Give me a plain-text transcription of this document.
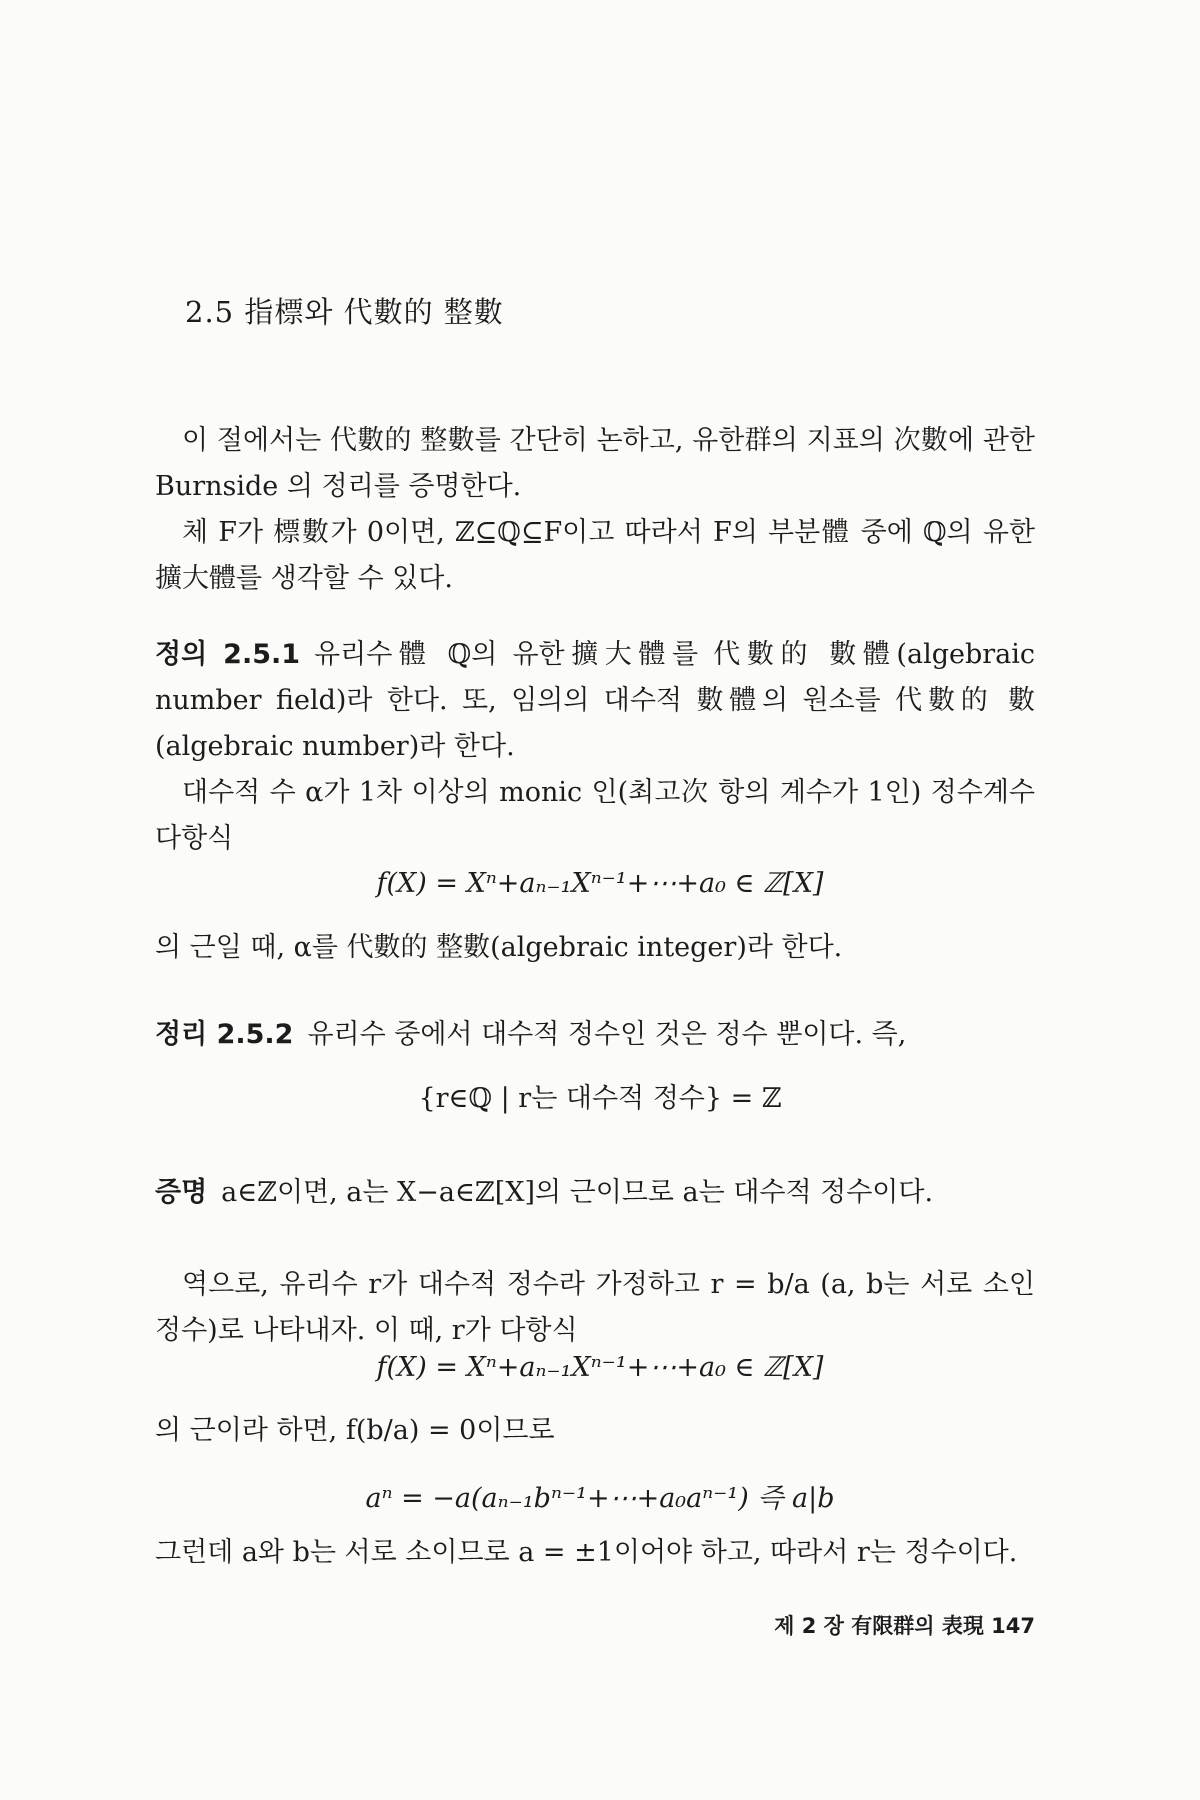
2.5 指標와 代數的 整數
이 절에서는 代數的 整數를 간단히 논하고, 유한群의 지표의 次數에 관한 Burnside 의 정리를 증명한다.
체 F가 標數가 0이면, ℤ⊆ℚ⊆F이고 따라서 F의 부분體 중에 ℚ의 유한擴大體를 생각할 수 있다.
정의 2.5.1 유리수體 ℚ의 유한擴大體를 代數的 數體(algebraic number field)라 한다. 또, 임의의 대수적 數體의 원소를 代數的 數(algebraic number)라 한다.
대수적 수 α가 1차 이상의 monic 인(최고次 항의 계수가 1인) 정수계수다항식
f(X) = Xⁿ+aₙ₋₁Xⁿ⁻¹+⋯+a₀ ∈ ℤ[X]
의 근일 때, α를 代數的 整數(algebraic integer)라 한다.
정리 2.5.2 유리수 중에서 대수적 정수인 것은 정수 뿐이다. 즉,
{r∈ℚ | r는 대수적 정수} = ℤ
증명 a∈ℤ이면, a는 X−a∈ℤ[X]의 근이므로 a는 대수적 정수이다.
역으로, 유리수 r가 대수적 정수라 가정하고 r = b/a (a, b는 서로 소인 정수)로 나타내자. 이 때, r가 다항식
f(X) = Xⁿ+aₙ₋₁Xⁿ⁻¹+⋯+a₀ ∈ ℤ[X]
의 근이라 하면, f(b/a) = 0이므로
aⁿ = −a(aₙ₋₁bⁿ⁻¹+⋯+a₀aⁿ⁻¹) 즉 a|b
그런데 a와 b는 서로 소이므로 a = ±1이어야 하고, 따라서 r는 정수이다.
제 2 장 有限群의 表現 147
